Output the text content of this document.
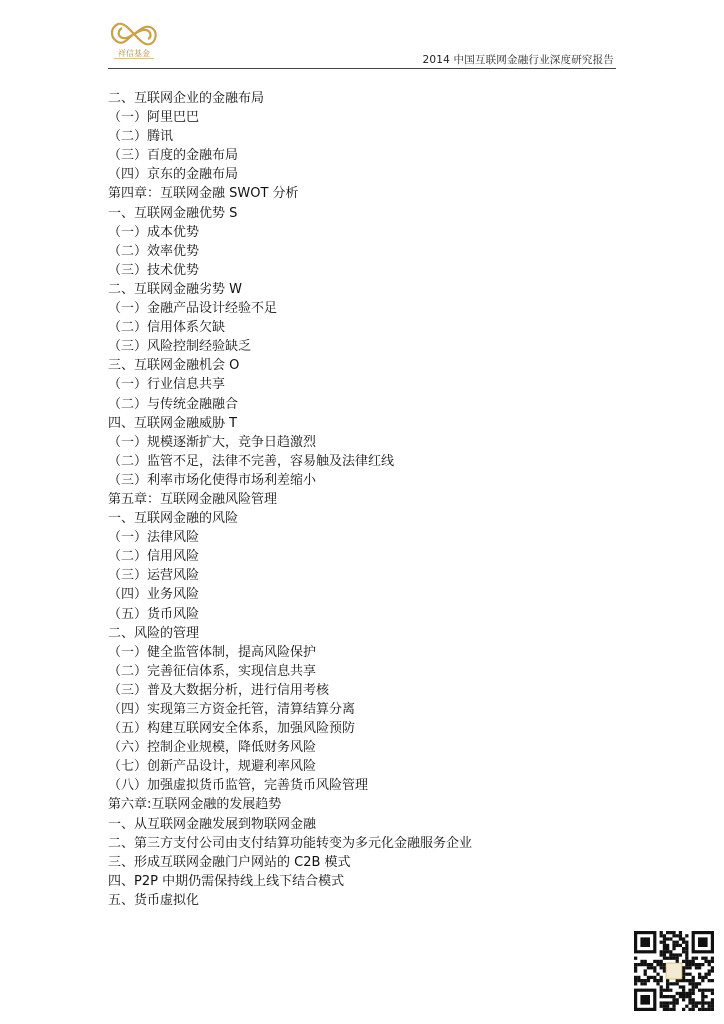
祥信基金
2014 中国互联网金融行业深度研究报告
二、互联网企业的金融布局
（一）阿里巴巴
（二）腾讯
（三）百度的金融布局
（四）京东的金融布局
第四章：互联网金融 SWOT 分析
一、互联网金融优势 S
（一）成本优势
（二）效率优势
（三）技术优势
二、互联网金融劣势 W
（一）金融产品设计经验不足
（二）信用体系欠缺
（三）风险控制经验缺乏
三、互联网金融机会 O
（一）行业信息共享
（二）与传统金融融合
四、互联网金融威胁 T
（一）规模逐渐扩大，竞争日趋激烈
（二）监管不足，法律不完善，容易触及法律红线
（三）利率市场化使得市场利差缩小
第五章：互联网金融风险管理
一、互联网金融的风险
（一）法律风险
（二）信用风险
（三）运营风险
（四）业务风险
（五）货币风险
二、风险的管理
（一）健全监管体制，提高风险保护
（二）完善征信体系，实现信息共享
（三）普及大数据分析，进行信用考核
（四）实现第三方资金托管，清算结算分离
（五）构建互联网安全体系，加强风险预防
（六）控制企业规模，降低财务风险
（七）创新产品设计，规避利率风险
（八）加强虚拟货币监管，完善货币风险管理
第六章:互联网金融的发展趋势
一、从互联网金融发展到物联网金融
二、第三方支付公司由支付结算功能转变为多元化金融服务企业
三、形成互联网金融门户网站的 C2B 模式
四、P2P 中期仍需保持线上线下结合模式
五、货币虚拟化
